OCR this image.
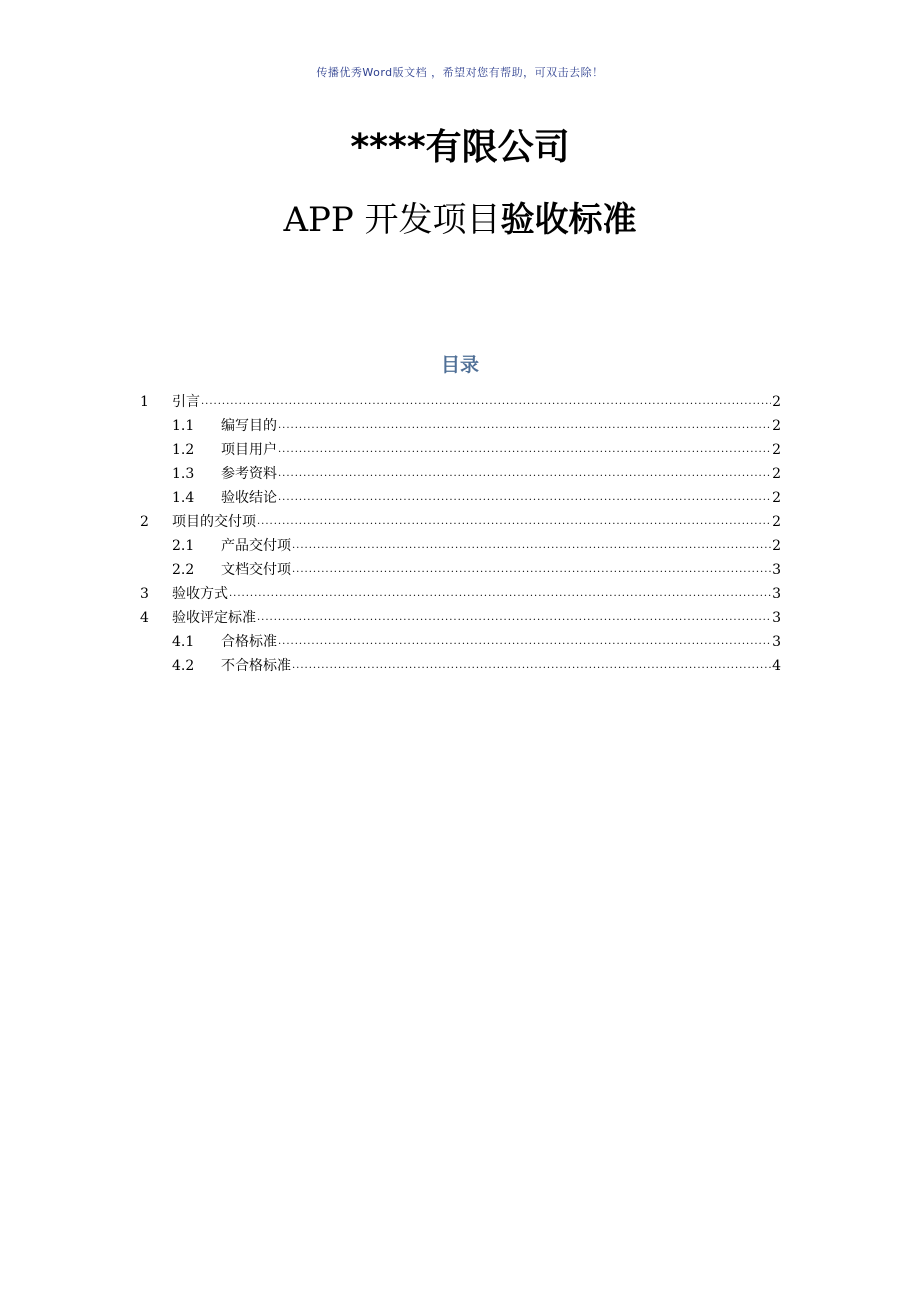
传播优秀Word版文档 ，希望对您有帮助，可双击去除！
****有限公司
APP 开发项目验收标准
目录
1	引言 .....	2
1.1	编写目的 .....	2
1.2	项目用户 .....	2
1.3	参考资料 .....	2
1.4	验收结论 .....	2
2	项目的交付项 .....	2
2.1	产品交付项 .....	2
2.2	文档交付项 .....	3
3	验收方式 .....	3
4	验收评定标准 .....	3
4.1	合格标准 .....	3
4.2	不合格标准 .....	4
